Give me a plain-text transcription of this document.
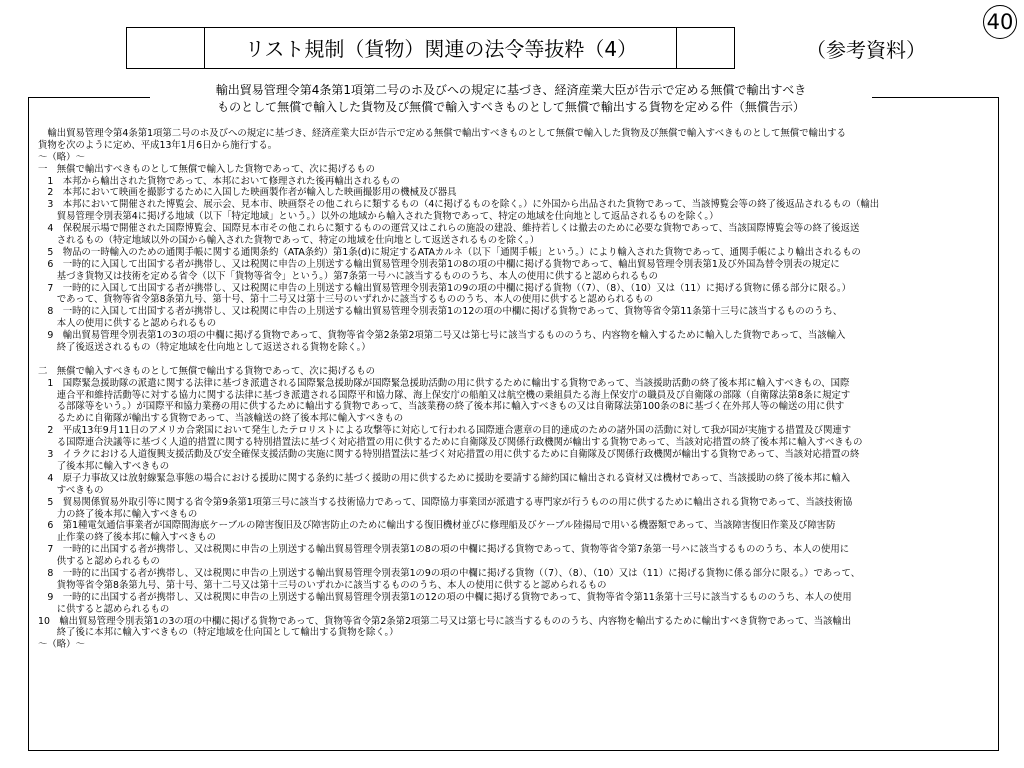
40
リスト規制（貨物）関連の法令等抜粋（4）	（参考資料）
輸出貿易管理令第4条第1項第二号のホ及びへの規定に基づき、経済産業大臣が告示で定める無償で輸出すべき
ものとして無償で輸入した貨物及び無償で輸入すべきものとして無償で輸出する貨物を定める件（無償告示）
　輸出貿易管理令第4条第1項第二号のホ及びへの規定に基づき、経済産業大臣が告示で定める無償で輸出すべきものとして無償で輸入した貨物及び無償で輸入すべきものとして無償で輸出する
貨物を次のように定め、平成13年1月6日から施行する。
～（略）～
一　無償で輸出すべきものとして無償で輸入した貨物であって、次に掲げるもの
　1　本邦から輸出された貨物であって、本邦において修理された後再輸出されるもの
　2　本邦において映画を撮影するために入国した映画製作者が輸入した映画撮影用の機械及び器具
　3　本邦において開催された博覧会、展示会、見本市、映画祭その他これらに類するもの（4に掲げるものを除く。）に外国から出品された貨物であって、当該博覧会等の終了後返品されるもの（輸出
　　貿易管理令別表第4に掲げる地域（以下「特定地域」という。）以外の地域から輸入された貨物であって、特定の地域を仕向地として返品されるものを除く。）
　4　保税展示場で開催された国際博覧会、国際見本市その他これらに類するものの運営又はこれらの施設の建設、維持若しくは撤去のために必要な貨物であって、当該国際博覧会等の終了後返送
　　されるもの（特定地域以外の国から輸入された貨物であって、特定の地域を仕向地として返送されるものを除く。）
　5　物品の一時輸入のための通関手帳に関する通関条約（ATA条約）第1条(d)に規定するATAカルネ（以下「通関手帳」という。）により輸入された貨物であって、通関手帳により輸出されるもの
　6　一時的に入国して出国する者が携帯し、又は税関に申告の上別送する輸出貿易管理令別表第1の8の項の中欄に掲げる貨物であって、輸出貿易管理令別表第1及び外国為替令別表の規定に
　　基づき貨物又は技術を定める省令（以下「貨物等省令」という。）第7条第一号ハに該当するもののうち、本人の使用に供すると認められるもの
　7　一時的に入国して出国する者が携帯し、又は税関に申告の上別送する輸出貿易管理令別表第1の9の項の中欄に掲げる貨物（（7）、（8）、（10）又は（11）に掲げる貨物に係る部分に限る。）
　　であって、貨物等省令第8条第九号、第十号、第十二号又は第十三号のいずれかに該当するもののうち、本人の使用に供すると認められるもの
　8　一時的に入国して出国する者が携帯し、又は税関に申告の上別送する輸出貿易管理令別表第1の12の項の中欄に掲げる貨物であって、貨物等省令第11条第十三号に該当するもののうち、
　　本人の使用に供すると認められるもの
　9　輸出貿易管理令別表第1の3の項の中欄に掲げる貨物であって、貨物等省令第2条第2項第二号又は第七号に該当するもののうち、内容物を輸入するために輸入した貨物であって、当該輸入
　　終了後返送されるもの（特定地域を仕向地として返送される貨物を除く。）
二　無償で輸入すべきものとして無償で輸出する貨物であって、次に掲げるもの
　1　国際緊急援助隊の派遣に関する法律に基づき派遣される国際緊急援助隊が国際緊急援助活動の用に供するために輸出する貨物であって、当該援助活動の終了後本邦に輸入すべきもの、国際
　　連合平和維持活動等に対する協力に関する法律に基づき派遣される国際平和協力隊、海上保安庁の船舶又は航空機の乗組員たる海上保安庁の職員及び自衛隊の部隊（自衛隊法第8条に規定す
　　る部隊等をいう。）が国際平和協力業務の用に供するために輸出する貨物であって、当該業務の終了後本邦に輸入すべきもの又は自衛隊法第100条の8に基づく在外邦人等の輸送の用に供す
　　るために自衛隊が輸出する貨物であって、当該輸送の終了後本邦に輸入すべきもの
　2　平成13年9月11日のアメリカ合衆国において発生したテロリストによる攻撃等に対応して行われる国際連合憲章の目的達成のための諸外国の活動に対して我が国が実施する措置及び関連す
　　る国際連合決議等に基づく人道的措置に関する特別措置法に基づく対応措置の用に供するために自衛隊及び関係行政機関が輸出する貨物であって、当該対応措置の終了後本邦に輸入すべきもの
　3　イラクにおける人道復興支援活動及び安全確保支援活動の実施に関する特別措置法に基づく対応措置の用に供するために自衛隊及び関係行政機関が輸出する貨物であって、当該対応措置の終
　　了後本邦に輸入すべきもの
　4　原子力事故又は放射線緊急事態の場合における援助に関する条約に基づく援助の用に供するために援助を要請する締約国に輸出される資材又は機材であって、当該援助の終了後本邦に輸入
　　すべきもの
　5　貿易関係貿易外取引等に関する省令第9条第1項第三号に該当する技術協力であって、国際協力事業団が派遣する専門家が行うものの用に供するために輸出される貨物であって、当該技術協
　　力の終了後本邦に輸入すべきもの
　6　第1種電気通信事業者が国際間海底ケーブルの障害復旧及び障害防止のために輸出する復旧機材並びに修理船及びケーブル陸揚局で用いる機器類であって、当該障害復旧作業及び障害防
　　止作業の終了後本邦に輸入すべきもの
　7　一時的に出国する者が携帯し、又は税関に申告の上別送する輸出貿易管理令別表第1の8の項の中欄に掲げる貨物であって、貨物等省令第7条第一号ハに該当するもののうち、本人の使用に
　　供すると認められるもの
　8　一時的に出国する者が携帯し、又は税関に申告の上別送する輸出貿易管理令別表第1の9の項の中欄に掲げる貨物（（7）、（8）、（10）又は（11）に掲げる貨物に係る部分に限る。）であって、
　　貨物等省令第8条第九号、第十号、第十二号又は第十三号のいずれかに該当するもののうち、本人の使用に供すると認められるもの
　9　一時的に出国する者が携帯し、又は税関に申告の上別送する輸出貿易管理令別表第1の12の項の中欄に掲げる貨物であって、貨物等省令第11条第十三号に該当するもののうち、本人の使用
　　に供すると認められるもの
10　輸出貿易管理令別表第1の3の項の中欄に掲げる貨物であって、貨物等省令第2条第2項第二号又は第七号に該当するもののうち、内容物を輸出するために輸出すべき貨物であって、当該輸出
　　終了後に本邦に輸入すべきもの（特定地域を仕向国として輸出する貨物を除く。）
～（略）～
